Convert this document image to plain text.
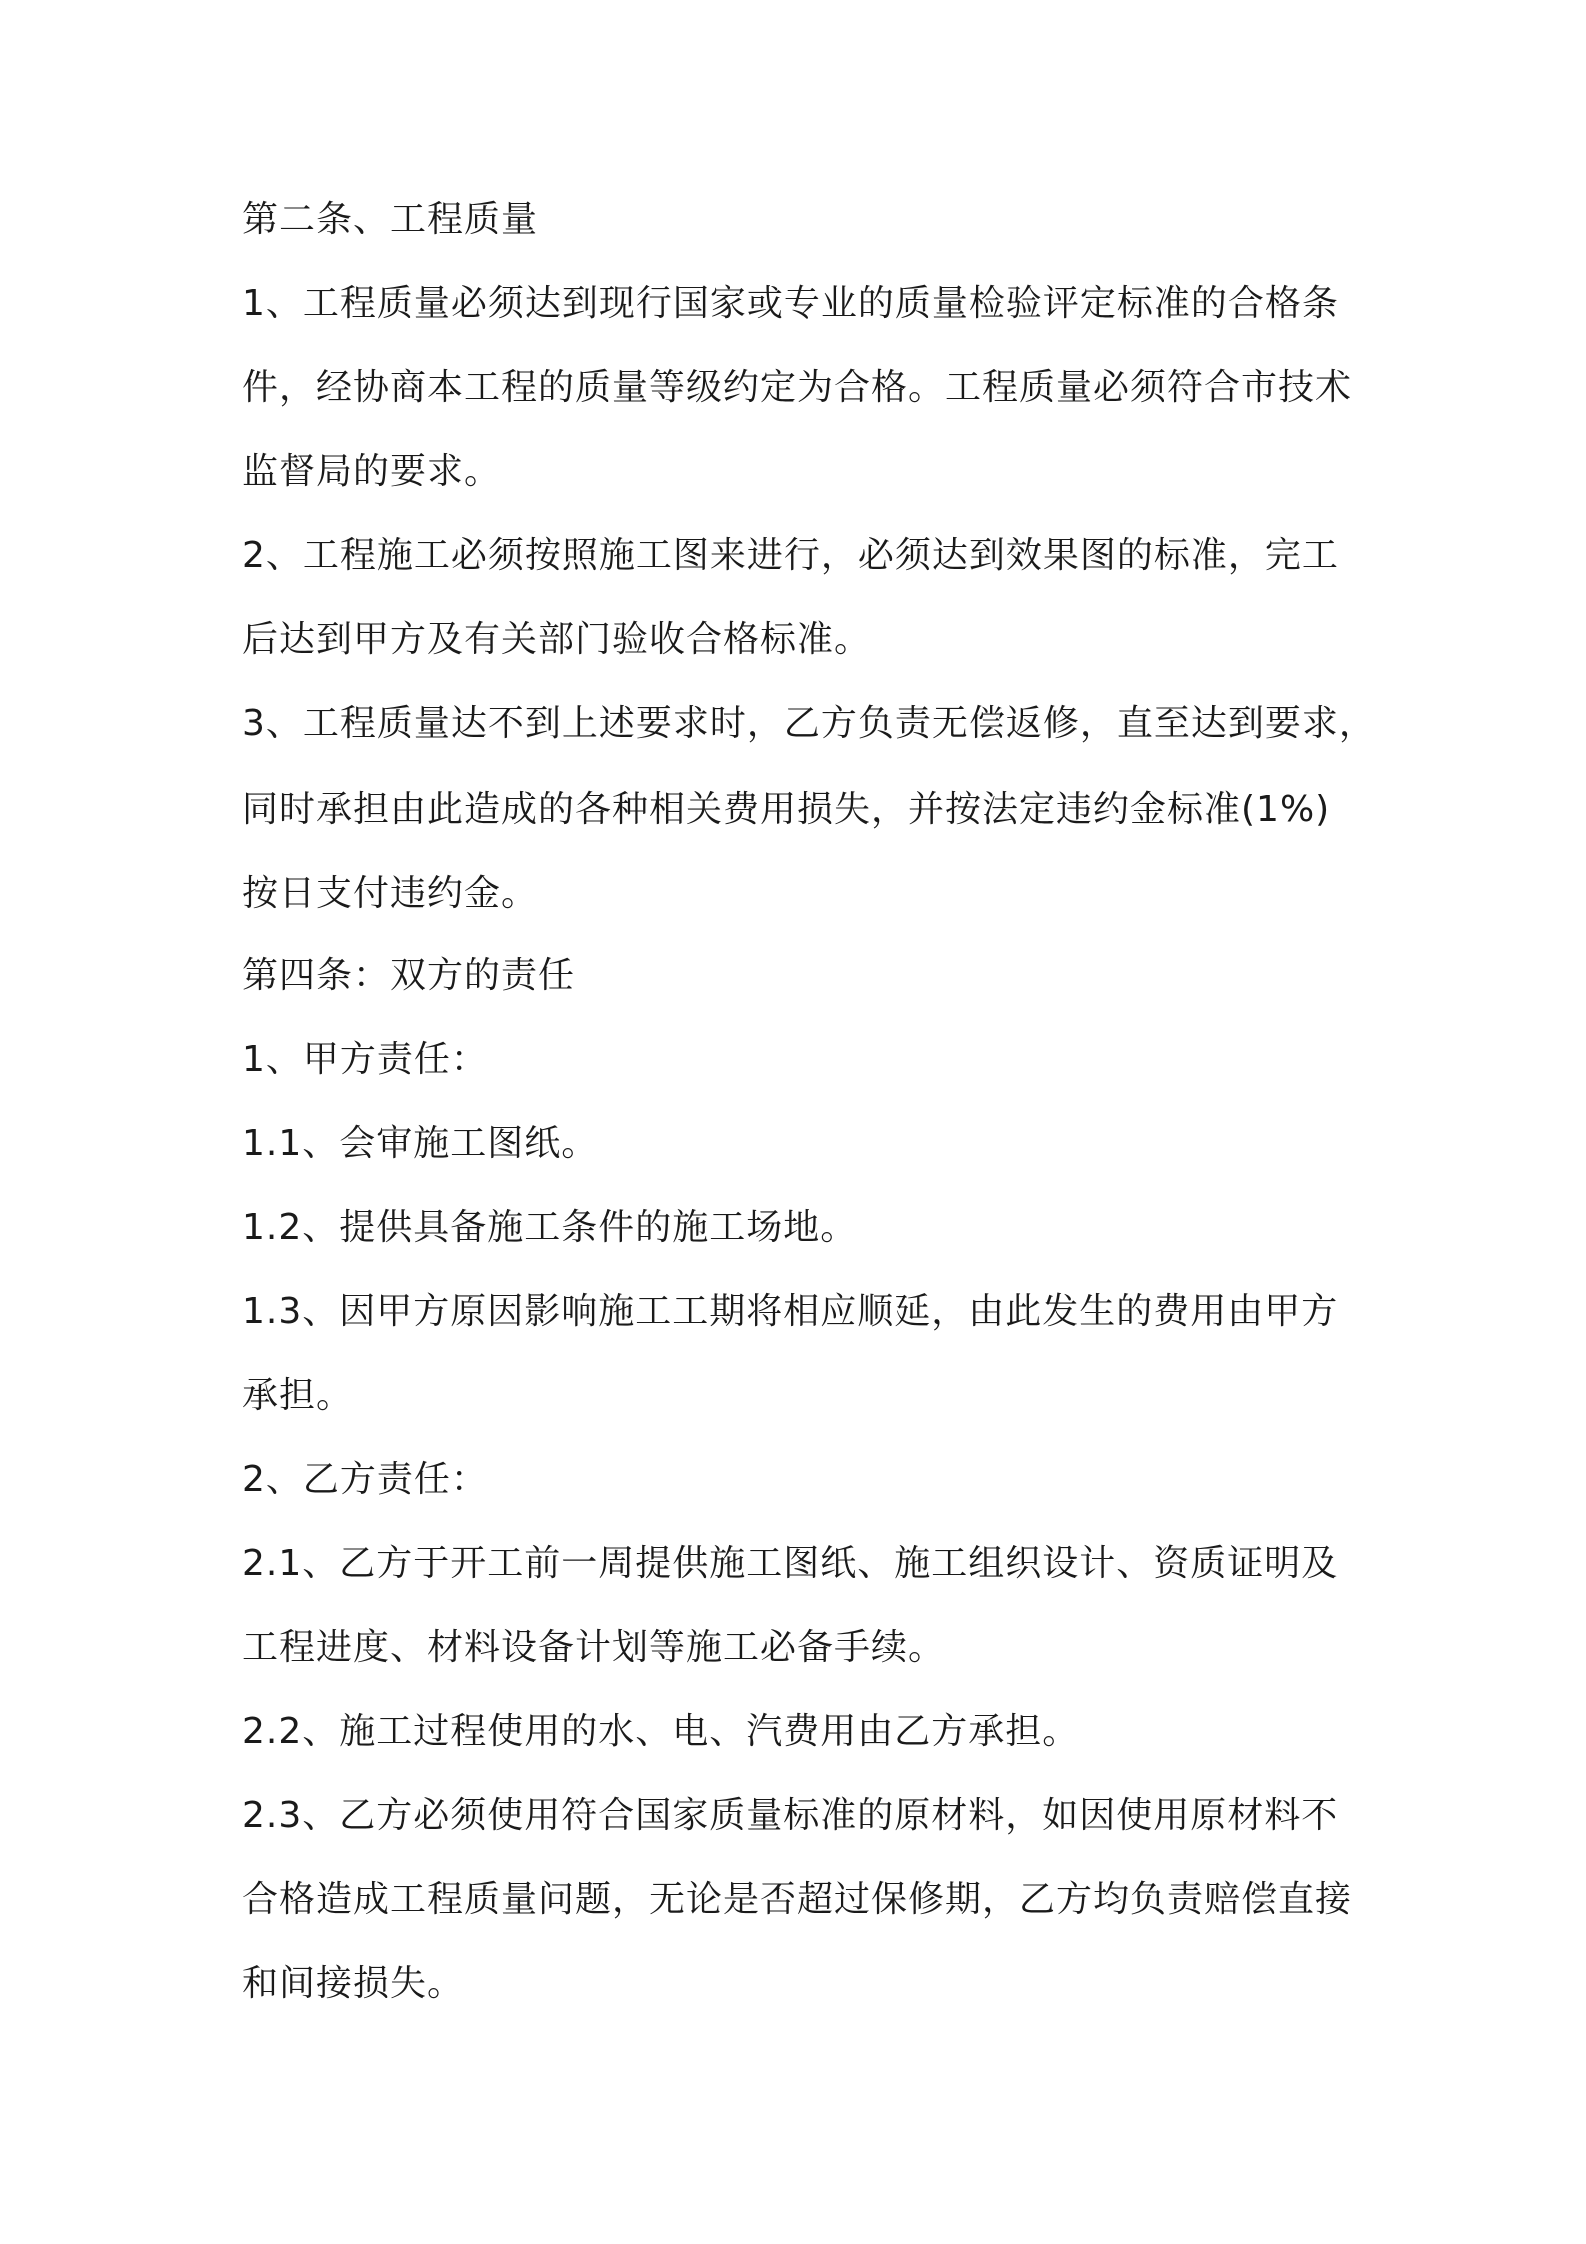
第二条、工程质量

1、工程质量必须达到现行国家或专业的质量检验评定标准的合格条

件，经协商本工程的质量等级约定为合格。工程质量必须符合市技术

监督局的要求。

2、工程施工必须按照施工图来进行，必须达到效果图的标准，完工

后达到甲方及有关部门验收合格标准。

3、工程质量达不到上述要求时，乙方负责无偿返修，直至达到要求，

同时承担由此造成的各种相关费用损失，并按法定违约金标准(1%)

按日支付违约金。

第四条：双方的责任

1、甲方责任：

1.1、会审施工图纸。

1.2、提供具备施工条件的施工场地。

1.3、因甲方原因影响施工工期将相应顺延，由此发生的费用由甲方

承担。

2、乙方责任：

2.1、乙方于开工前一周提供施工图纸、施工组织设计、资质证明及

工程进度、材料设备计划等施工必备手续。

2.2、施工过程使用的水、电、汽费用由乙方承担。

2.3、乙方必须使用符合国家质量标准的原材料，如因使用原材料不

合格造成工程质量问题，无论是否超过保修期，乙方均负责赔偿直接

和间接损失。
